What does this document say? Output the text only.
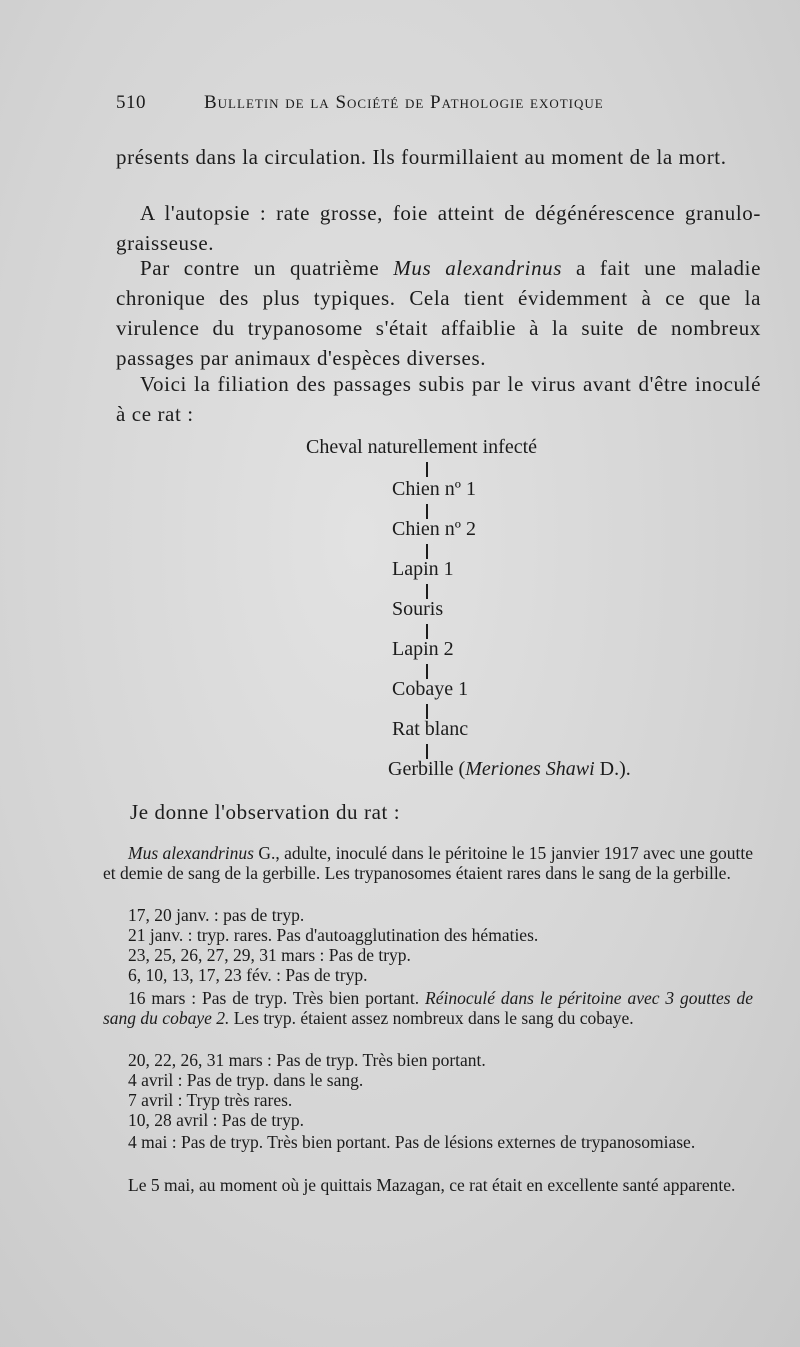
510	Bulletin de la Société de Pathologie exotique

présents dans la circulation. Ils fourmillaient au moment de la mort.

A l'autopsie : rate grosse, foie atteint de dégénérescence granulo-graisseuse.

Par contre un quatrième Mus alexandrinus a fait une maladie chronique des plus typiques. Cela tient évidemment à ce que la virulence du trypanosome s'était affaiblie à la suite de nombreux passages par animaux d'espèces diverses.

Voici la filiation des passages subis par le virus avant d'être inoculé à ce rat :

Cheval naturellement infecté
Chien nº 1
Chien nº 2
Lapin 1
Souris
Lapin 2
Cobaye 1
Rat blanc
Gerbille (Meriones Shawi D.).
Je donne l'observation du rat :

Mus alexandrinus G., adulte, inoculé dans le péritoine le 15 janvier 1917 avec une goutte et demie de sang de la gerbille. Les trypanosomes étaient rares dans le sang de la gerbille.

17, 20 janv. : pas de tryp.

21 janv. : tryp. rares. Pas d'autoagglutination des hématies.

23, 25, 26, 27, 29, 31 mars : Pas de tryp.

6, 10, 13, 17, 23 fév. : Pas de tryp.

16 mars : Pas de tryp. Très bien portant. Réinoculé dans le péritoine avec 3 gouttes de sang du cobaye 2. Les tryp. étaient assez nombreux dans le sang du cobaye.

20, 22, 26, 31 mars : Pas de tryp. Très bien portant.

4 avril : Pas de tryp. dans le sang.

7 avril : Tryp très rares.

10, 28 avril : Pas de tryp.

4 mai : Pas de tryp. Très bien portant. Pas de lésions externes de trypanosomiase.

Le 5 mai, au moment où je quittais Mazagan, ce rat était en excellente santé apparente.
